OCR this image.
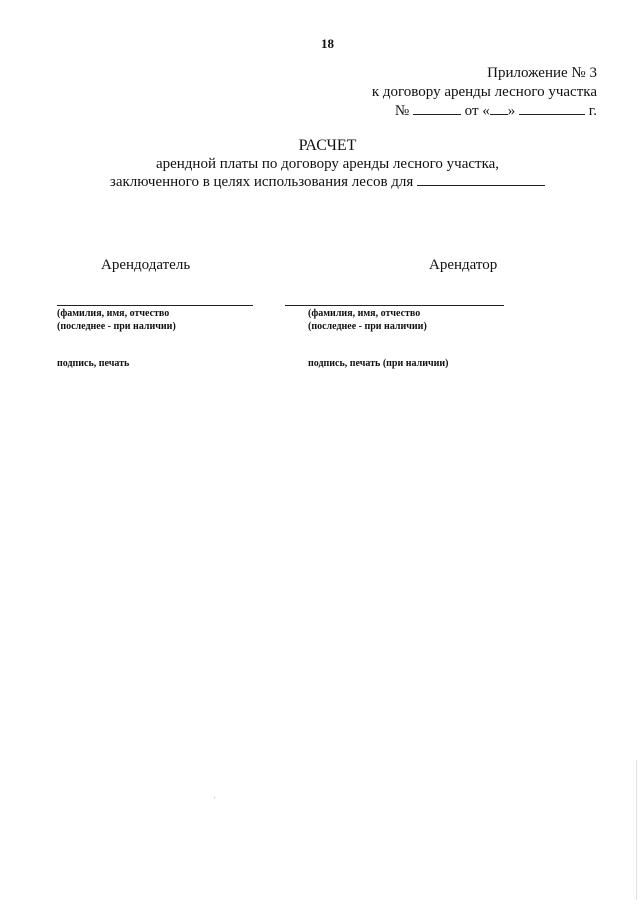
18
Приложение № 3
к договору аренды лесного участка
№	от « »	г.
РАСЧЕТ
арендной платы по договору аренды лесного участка,
заключенного в целях использования лесов для
Арендодатель	Арендатор
(фамилия, имя, отчество
(последнее - при наличии)
(фамилия, имя, отчество
(последнее - при наличии)
подпись, печать	подпись, печать (при наличии)
